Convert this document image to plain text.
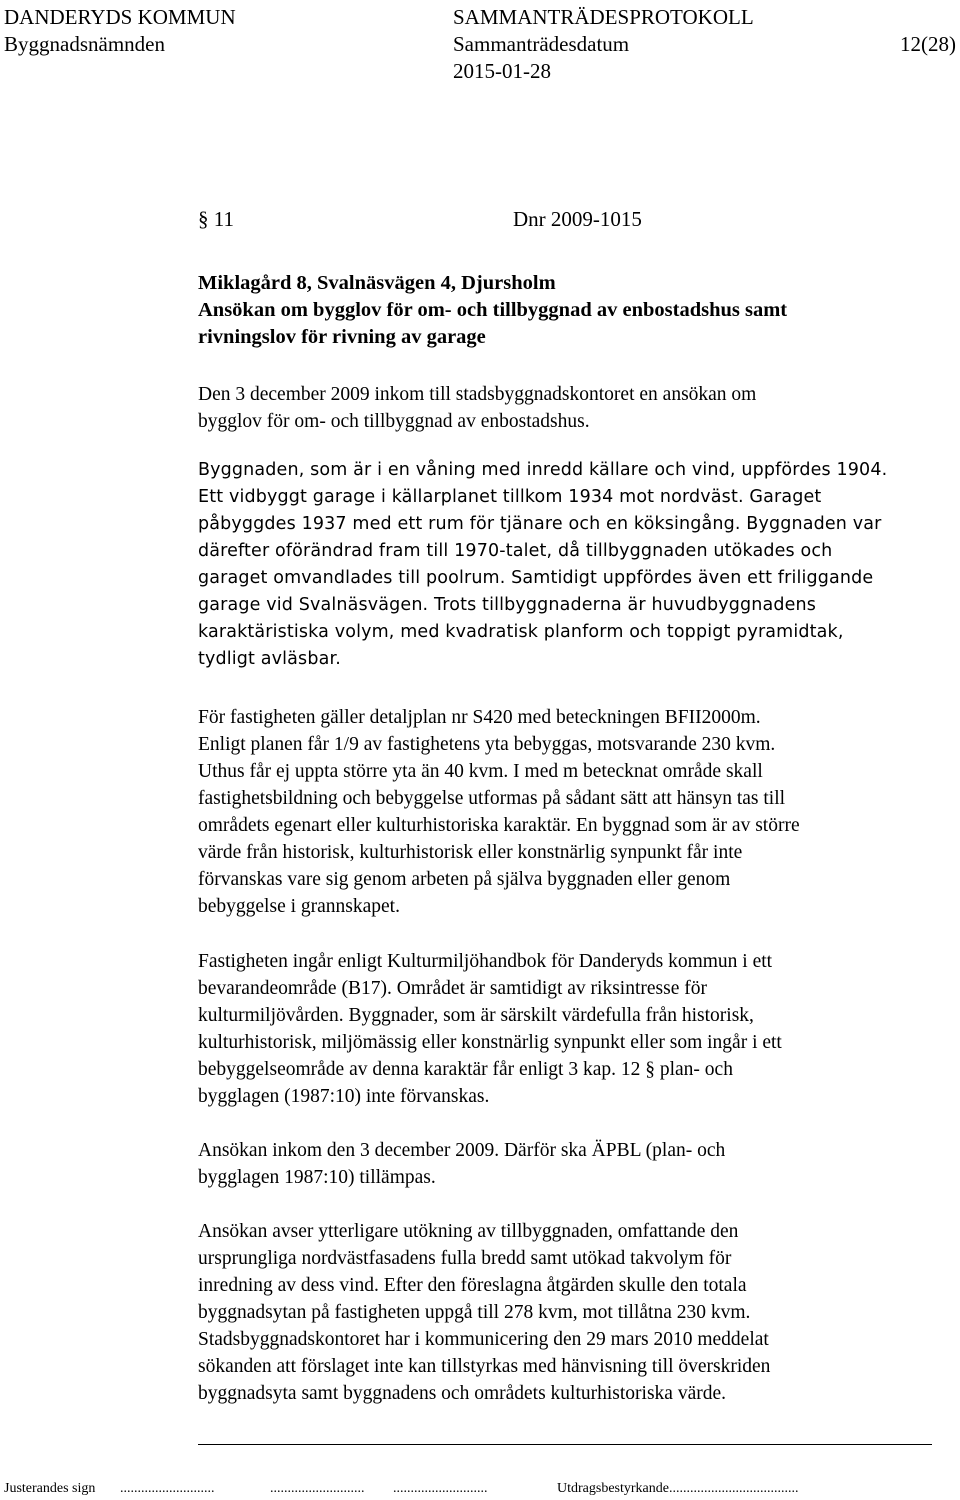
DANDERYDS KOMMUN	SAMMANTRÄDESPROTOKOLL
Byggnadsnämnden	Sammanträdesdatum	12(28)
2015-01-28
§ 11	Dnr 2009-1015
Miklagård 8, Svalnäsvägen 4, Djursholm
Ansökan om bygglov för om- och tillbyggnad av enbostadshus samt
rivningslov för rivning av garage
Den 3 december 2009 inkom till stadsbyggnadskontoret en ansökan om
bygglov för om- och tillbyggnad av enbostadshus.
Byggnaden, som är i en våning med inredd källare och vind, uppfördes 1904.
Ett vidbyggt garage i källarplanet tillkom 1934 mot nordväst. Garaget
påbyggdes 1937 med ett rum för tjänare och en köksingång. Byggnaden var
därefter oförändrad fram till 1970-talet, då tillbyggnaden utökades och
garaget omvandlades till poolrum. Samtidigt uppfördes även ett friliggande
garage vid Svalnäsvägen. Trots tillbyggnaderna är huvudbyggnadens
karaktäristiska volym, med kvadratisk planform och toppigt pyramidtak,
tydligt avläsbar.
För fastigheten gäller detaljplan nr S420 med beteckningen BFII2000m.
Enligt planen får 1/9 av fastighetens yta bebyggas, motsvarande 230 kvm.
Uthus får ej uppta större yta än 40 kvm. I med m betecknat område skall
fastighetsbildning och bebyggelse utformas på sådant sätt att hänsyn tas till
områdets egenart eller kulturhistoriska karaktär. En byggnad som är av större
värde från historisk, kulturhistorisk eller konstnärlig synpunkt får inte
förvanskas vare sig genom arbeten på själva byggnaden eller genom
bebyggelse i grannskapet.
Fastigheten ingår enligt Kulturmiljöhandbok för Danderyds kommun i ett
bevarandeområde (B17). Området är samtidigt av riksintresse för
kulturmiljövården. Byggnader, som är särskilt värdefulla från historisk,
kulturhistorisk, miljömässig eller konstnärlig synpunkt eller som ingår i ett
bebyggelseområde av denna karaktär får enligt 3 kap. 12 § plan- och
bygglagen (1987:10) inte förvanskas.
Ansökan inkom den 3 december 2009. Därför ska ÄPBL (plan- och
bygglagen 1987:10) tillämpas.
Ansökan avser ytterligare utökning av tillbyggnaden, omfattande den
ursprungliga nordvästfasadens fulla bredd samt utökad takvolym för
inredning av dess vind. Efter den föreslagna åtgärden skulle den totala
byggnadsytan på fastigheten uppgå till 278 kvm, mot tillåtna 230 kvm.
Stadsbyggnadskontoret har i kommunicering den 29 mars 2010 meddelat
sökanden att förslaget inte kan tillstyrkas med hänvisning till överskriden
byggnadsyta samt byggnadens och områdets kulturhistoriska värde.
Justerandes sign ...........................	........................... ...........................	Utdragsbestyrkande.....................................
